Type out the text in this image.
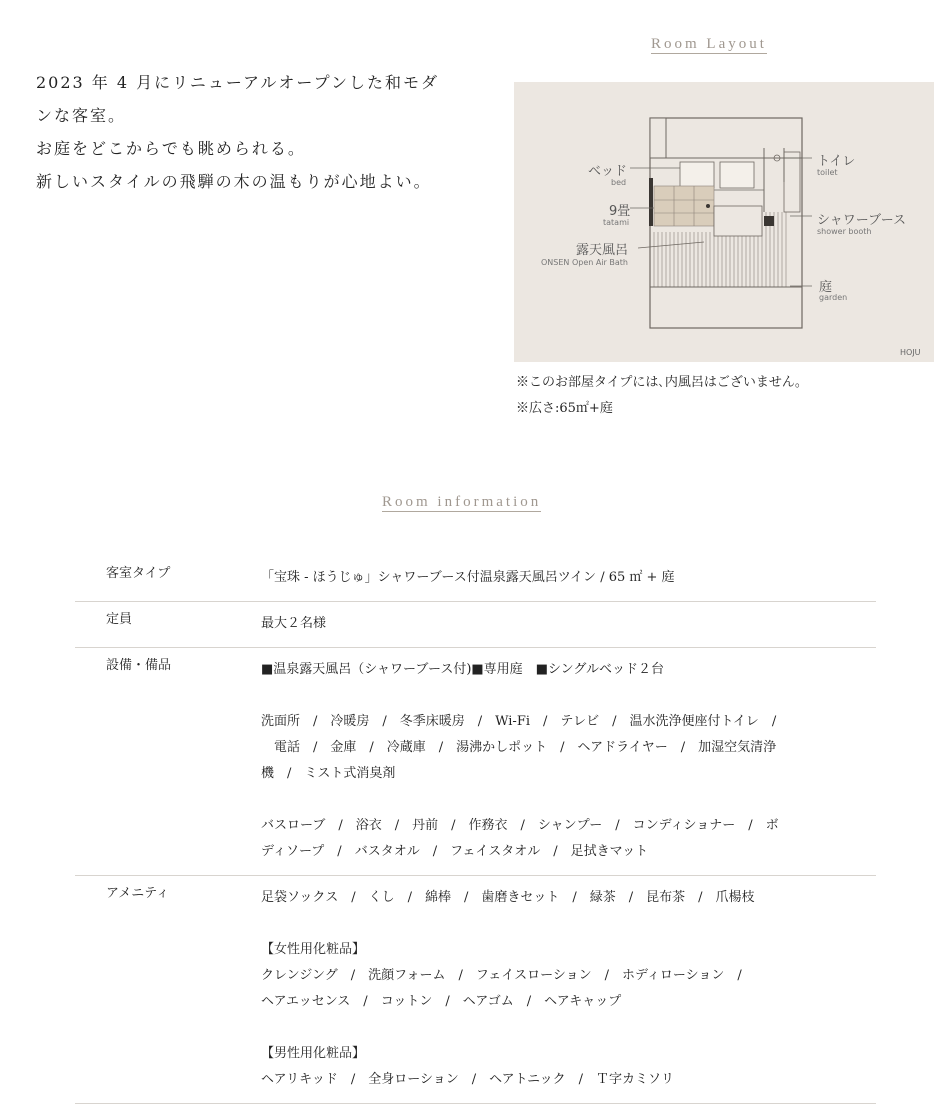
2023 年 4 月にリニューアルオープンした和モダ
ンな客室。
お庭をどこからでも眺められる。
新しいスタイルの飛騨の木の温もりが心地よい。
Room Layout
ベッド
bed
9畳
tatami
露天風呂
ONSEN Open Air Bath
トイレ
toilet
シャワーブース
shower booth
庭
garden
HOJU
※このお部屋タイプには､内風呂はございません｡
※広さ:65㎡+庭
Room information
客室タイプ	「宝珠 - ほうじゅ」シャワーブース付温泉露天風呂ツイン / 65 ㎡ + 庭
定員	最大２名様
設備・備品	■温泉露天風呂（シャワーブース付)■専用庭　■シングルベッド２台
洗面所　/　冷暖房　/　冬季床暖房　/　Wi-Fi　/　テレビ　/　温水洗浄便座付トイレ　/
　電話　/　金庫　/　冷蔵庫　/　湯沸かしポット　/　ヘアドライヤー　/　加湿空気清浄
機　/　ミスト式消臭剤
バスローブ　/　浴衣　/　丹前　/　作務衣　/　シャンプー　/　コンディショナー　/　ボ
ディソープ　/　バスタオル　/　フェイスタオル　/　足拭きマット
アメニティ	足袋ソックス　/　くし　/　綿棒　/　歯磨きセット　/　緑茶　/　昆布茶　/　爪楊枝
【女性用化粧品】
クレンジング　/　洗顔フォーム　/　フェイスローション　/　ホディローション　/
ヘアエッセンス　/　コットン　/　ヘアゴム　/　ヘアキャップ
【男性用化粧品】
ヘアリキッド　/　全身ローション　/　ヘアトニック　/　Ｔ字カミソリ
